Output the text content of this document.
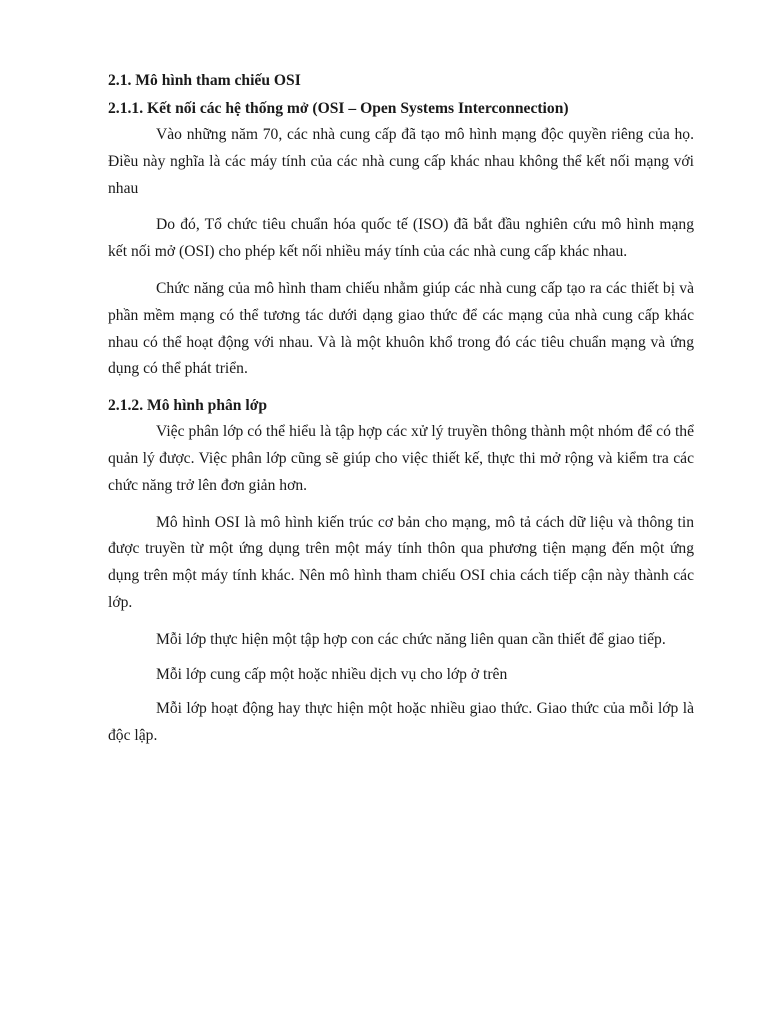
2.1. Mô hình tham chiếu OSI
2.1.1. Kết nối các hệ thống mở (OSI – Open Systems Interconnection)

Vào những năm 70, các nhà cung cấp đã tạo mô hình mạng độc quyền riêng của họ. Điều này nghĩa là các máy tính của các nhà cung cấp khác nhau không thể kết nối mạng với nhau

Do đó, Tổ chức tiêu chuẩn hóa quốc tế (ISO) đã bắt đầu nghiên cứu mô hình mạng kết nối mở (OSI) cho phép kết nối nhiều máy tính của các nhà cung cấp khác nhau.

Chức năng của mô hình tham chiếu nhằm giúp các nhà cung cấp tạo ra các thiết bị và phần mềm mạng có thể tương tác dưới dạng giao thức để các mạng của nhà cung cấp khác nhau có thể hoạt động với nhau. Và là một khuôn khổ trong đó các tiêu chuẩn mạng và ứng dụng có thể phát triển.

2.1.2. Mô hình phân lớp

Việc phân lớp có thể hiểu là tập hợp các xử lý truyền thông thành một nhóm để có thể quản lý được. Việc phân lớp cũng sẽ giúp cho việc thiết kế, thực thi mở rộng và kiểm tra các chức năng trở lên đơn giản hơn.

Mô hình OSI là mô hình kiến trúc cơ bản cho mạng, mô tả cách dữ liệu và thông tin được truyền từ một ứng dụng trên một máy tính thôn qua phương tiện mạng đến một ứng dụng trên một máy tính khác. Nên mô hình tham chiếu OSI chia cách tiếp cận này thành các lớp.

Mỗi lớp thực hiện một tập hợp con các chức năng liên quan cần thiết để giao tiếp.

Mỗi lớp cung cấp một hoặc nhiều dịch vụ cho lớp ở trên

Mỗi lớp hoạt động hay thực hiện một hoặc nhiều giao thức. Giao thức của mỗi lớp là độc lập.
